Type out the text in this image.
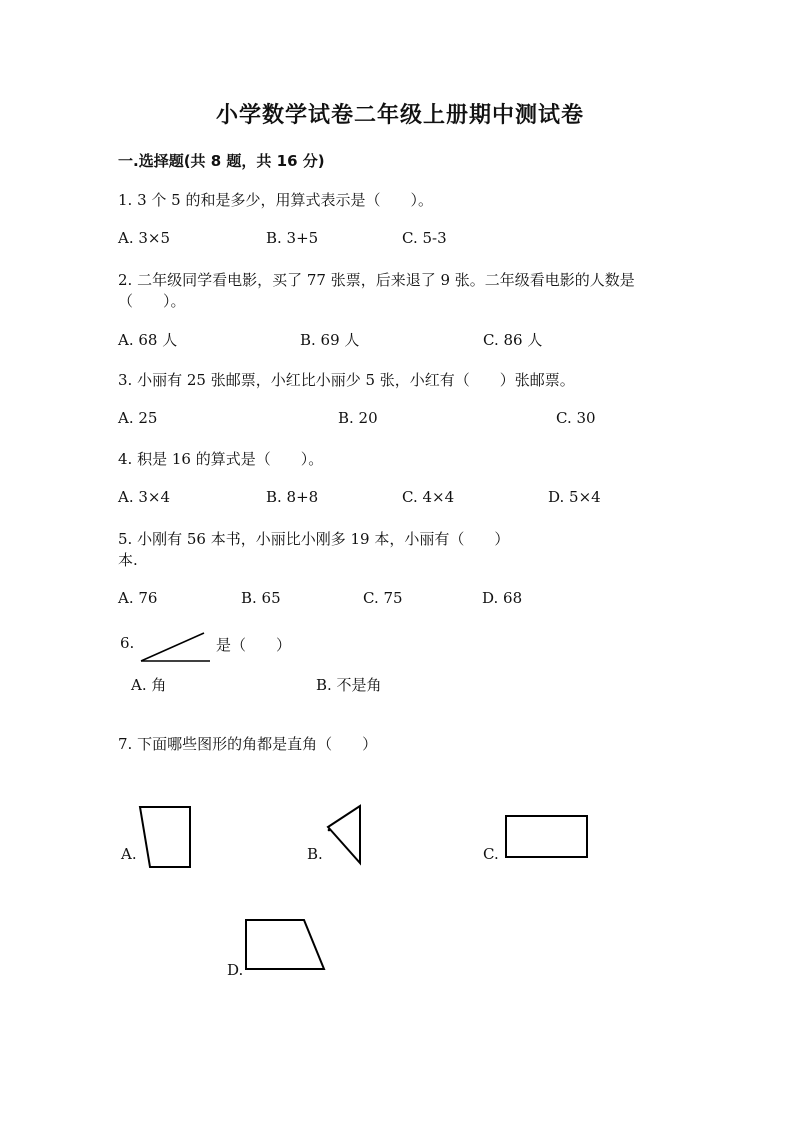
小学数学试卷二年级上册期中测试卷
一.选择题(共 8 题，共 16 分)
1. 3 个 5 的和是多少，用算式表示是（　　）。
A. 3×5	B. 3+5	C. 5-3
2. 二年级同学看电影，买了 77 张票，后来退了 9 张。二年级看电影的人数是
（　　）。
A. 68 人	B. 69 人	C. 86 人
3. 小丽有 25 张邮票，小红比小丽少 5 张，小红有（　　）张邮票。
A. 25	B. 20	C. 30
4. 积是 16 的算式是（　　）。
A. 3×4	B. 8+8	C. 4×4	D. 5×4
5. 小刚有 56 本书，小丽比小刚多 19 本，小丽有（　　）
本.
A. 76	B. 65	C. 75	D. 68
6.	是（　　）
A. 角	B. 不是角
7. 下面哪些图形的角都是直角（　　）
A.	B.	C.
D.
